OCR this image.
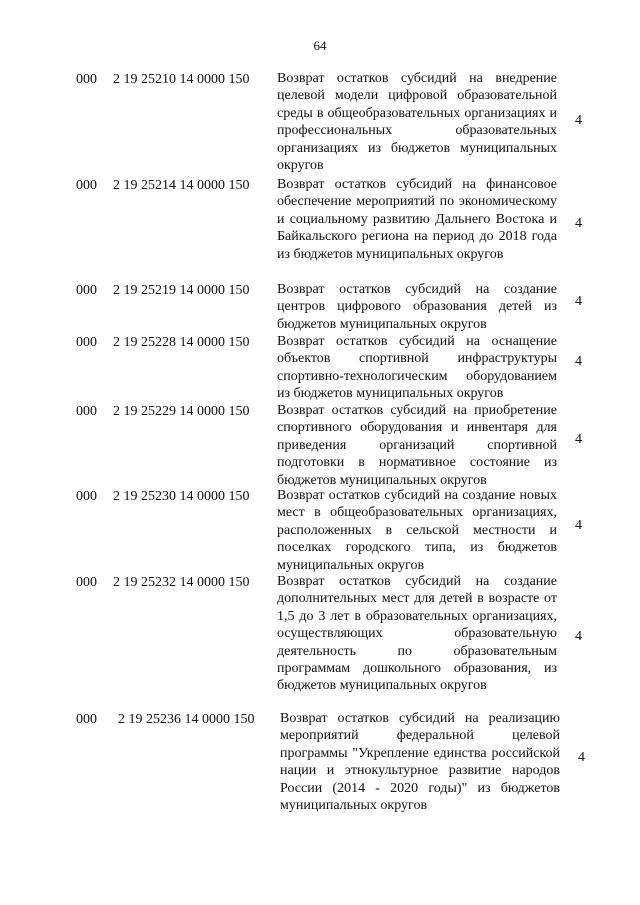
64
000 2 19 25210 14 0000 150 Возврат остатков субсидий на внедрение целевой модели цифровой образовательной среды в общеобразовательных организациях и профессиональных образовательных организациях из бюджетов муниципальных округов
4
000 2 19 25214 14 0000 150 Возврат остатков субсидий на финансовое обеспечение мероприятий по экономическому и социальному развитию Дальнего Востока и Байкальского региона на период до 2018 года из бюджетов муниципальных округов
4
000 2 19 25219 14 0000 150 Возврат остатков субсидий на создание центров цифрового образования детей из бюджетов муниципальных округов
4
000 2 19 25228 14 0000 150 Возврат остатков субсидий на оснащение объектов спортивной инфраструктуры спортивно-технологическим оборудованием из бюджетов муниципальных округов
4
000 2 19 25229 14 0000 150 Возврат остатков субсидий на приобретение спортивного оборудования и инвентаря для приведения организаций спортивной подготовки в нормативное состояние из бюджетов муниципальных округов
4
000 2 19 25230 14 0000 150 Возврат остатков субсидий на создание новых мест в общеобразовательных организациях, расположенных в сельской местности и поселках городского типа, из бюджетов муниципальных округов
4
000 2 19 25232 14 0000 150 Возврат остатков субсидий на создание дополнительных мест для детей в возрасте от 1,5 до 3 лет в образовательных организациях, осуществляющих образовательную деятельность по образовательным программам дошкольного образования, из бюджетов муниципальных округов
4
000 2 19 25236 14 0000 150 Возврат остатков субсидий на реализацию мероприятий федеральной целевой программы "Укрепление единства российской нации и этнокультурное развитие народов России (2014 - 2020 годы)" из бюджетов муниципальных округов
4
